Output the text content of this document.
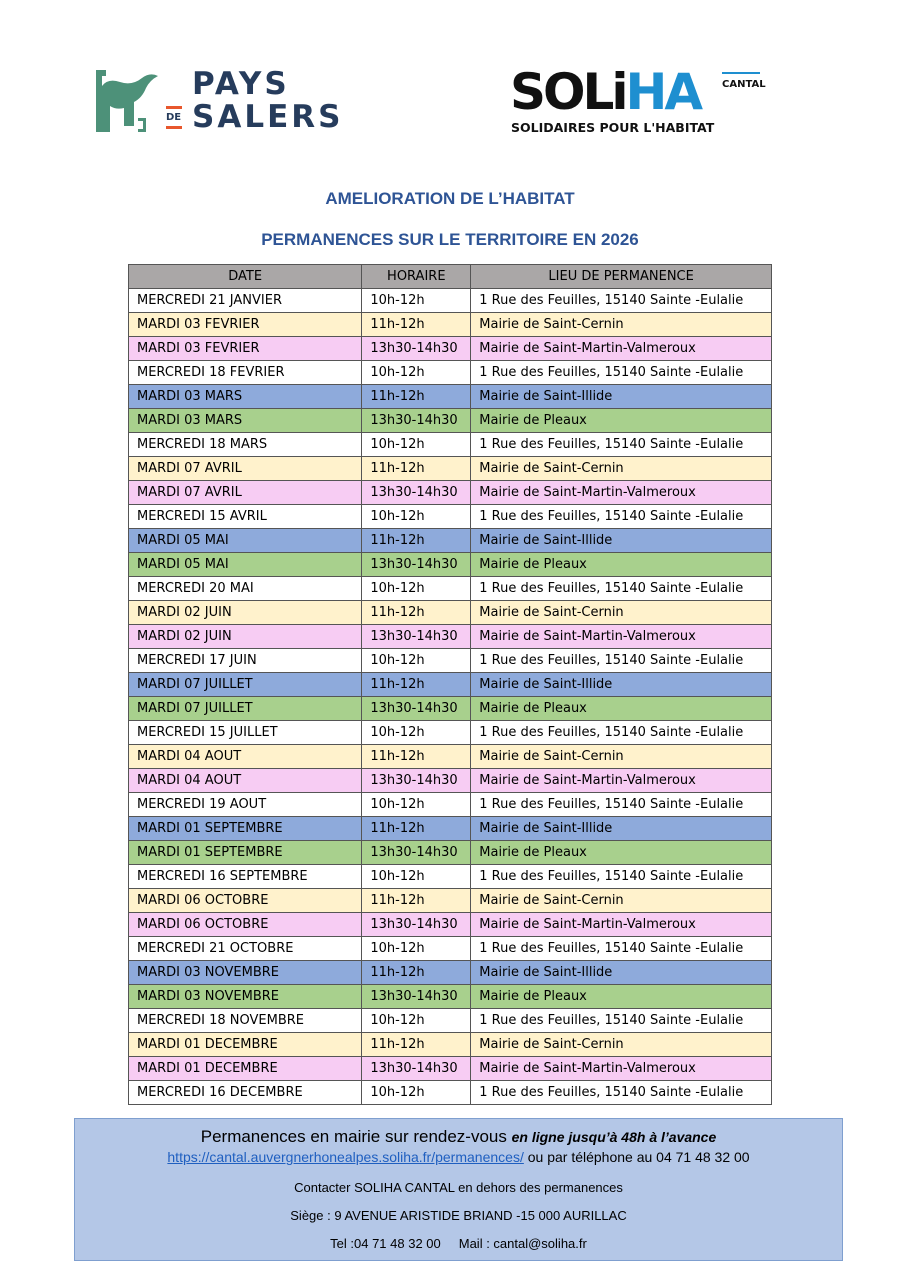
PAYS
DE SALERS	SOLiHA CANTAL
SOLIDAIRES POUR L'HABITAT
AMELIORATION DE L’HABITAT
PERMANENCES SUR LE TERRITOIRE EN 2026
DATE	HORAIRE	LIEU DE PERMANENCE
MERCREDI 21 JANVIER	10h-12h	1 Rue des Feuilles, 15140 Sainte -Eulalie
MARDI 03 FEVRIER	11h-12h	Mairie de Saint-Cernin
MARDI 03 FEVRIER	13h30-14h30	Mairie de Saint-Martin-Valmeroux
MERCREDI 18 FEVRIER	10h-12h	1 Rue des Feuilles, 15140 Sainte -Eulalie
MARDI 03 MARS	11h-12h	Mairie de Saint-Illide
MARDI 03 MARS	13h30-14h30	Mairie de Pleaux
MERCREDI 18 MARS	10h-12h	1 Rue des Feuilles, 15140 Sainte -Eulalie
MARDI 07 AVRIL	11h-12h	Mairie de Saint-Cernin
MARDI 07 AVRIL	13h30-14h30	Mairie de Saint-Martin-Valmeroux
MERCREDI 15 AVRIL	10h-12h	1 Rue des Feuilles, 15140 Sainte -Eulalie
MARDI 05 MAI	11h-12h	Mairie de Saint-Illide
MARDI 05 MAI	13h30-14h30	Mairie de Pleaux
MERCREDI 20 MAI	10h-12h	1 Rue des Feuilles, 15140 Sainte -Eulalie
MARDI 02 JUIN	11h-12h	Mairie de Saint-Cernin
MARDI 02 JUIN	13h30-14h30	Mairie de Saint-Martin-Valmeroux
MERCREDI 17 JUIN	10h-12h	1 Rue des Feuilles, 15140 Sainte -Eulalie
MARDI 07 JUILLET	11h-12h	Mairie de Saint-Illide
MARDI 07 JUILLET	13h30-14h30	Mairie de Pleaux
MERCREDI 15 JUILLET	10h-12h	1 Rue des Feuilles, 15140 Sainte -Eulalie
MARDI 04 AOUT	11h-12h	Mairie de Saint-Cernin
MARDI 04 AOUT	13h30-14h30	Mairie de Saint-Martin-Valmeroux
MERCREDI 19 AOUT	10h-12h	1 Rue des Feuilles, 15140 Sainte -Eulalie
MARDI 01 SEPTEMBRE	11h-12h	Mairie de Saint-Illide
MARDI 01 SEPTEMBRE	13h30-14h30	Mairie de Pleaux
MERCREDI 16 SEPTEMBRE	10h-12h	1 Rue des Feuilles, 15140 Sainte -Eulalie
MARDI 06 OCTOBRE	11h-12h	Mairie de Saint-Cernin
MARDI 06 OCTOBRE	13h30-14h30	Mairie de Saint-Martin-Valmeroux
MERCREDI 21 OCTOBRE	10h-12h	1 Rue des Feuilles, 15140 Sainte -Eulalie
MARDI 03 NOVEMBRE	11h-12h	Mairie de Saint-Illide
MARDI 03 NOVEMBRE	13h30-14h30	Mairie de Pleaux
MERCREDI 18 NOVEMBRE	10h-12h	1 Rue des Feuilles, 15140 Sainte -Eulalie
MARDI 01 DECEMBRE	11h-12h	Mairie de Saint-Cernin
MARDI 01 DECEMBRE	13h30-14h30	Mairie de Saint-Martin-Valmeroux
MERCREDI 16 DECEMBRE	10h-12h	1 Rue des Feuilles, 15140 Sainte -Eulalie
Permanences en mairie sur rendez-vous en ligne jusqu’à 48h à l’avance
https://cantal.auvergnerhonealpes.soliha.fr/permanences/ ou par téléphone au 04 71 48 32 00
Contacter SOLIHA CANTAL en dehors des permanences
Siège : 9 AVENUE ARISTIDE BRIAND -15 000 AURILLAC
Tel :04 71 48 32 00 Mail : cantal@soliha.fr
